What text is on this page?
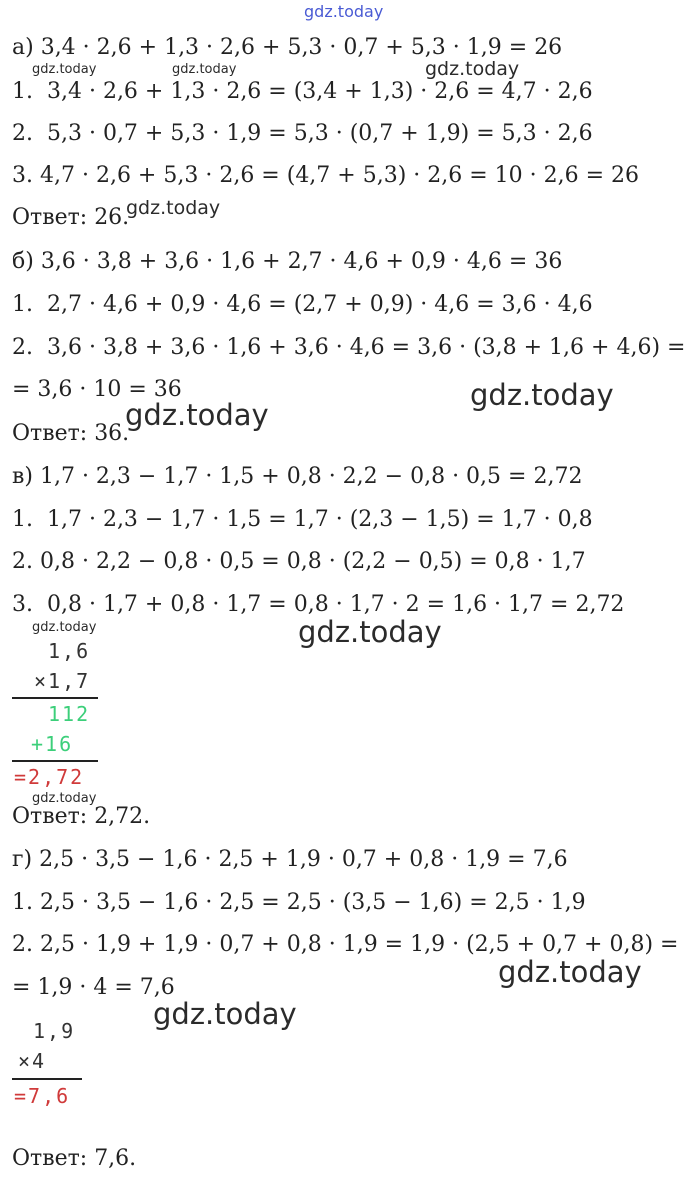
gdz.today
а) 3,4 · 2,6 + 1,3 · 2,6 + 5,3 · 0,7 + 5,3 · 1,9 = 26
gdz.today	gdz.today	gdz.today
1.  3,4 · 2,6 + 1,3 · 2,6 = (3,4 + 1,3) · 2,6 = 4,7 · 2,6
2.  5,3 · 0,7 + 5,3 · 1,9 = 5,3 · (0,7 + 1,9) = 5,3 · 2,6
3. 4,7 · 2,6 + 5,3 · 2,6 = (4,7 + 5,3) · 2,6 = 10 · 2,6 = 26
Ответ: 26.
gdz.today
б) 3,6 · 3,8 + 3,6 · 1,6 + 2,7 · 4,6 + 0,9 · 4,6 = 36
1.  2,7 · 4,6 + 0,9 · 4,6 = (2,7 + 0,9) · 4,6 = 3,6 · 4,6
2.  3,6 · 3,8 + 3,6 · 1,6 + 3,6 · 4,6 = 3,6 · (3,8 + 1,6 + 4,6) =
= 3,6 · 10 = 36	gdz.today
Ответ: 36.
gdz.today
в) 1,7 · 2,3 − 1,7 · 1,5 + 0,8 · 2,2 − 0,8 · 0,5 = 2,72
1.  1,7 · 2,3 − 1,7 · 1,5 = 1,7 · (2,3 − 1,5) = 1,7 · 0,8
2. 0,8 · 2,2 − 0,8 · 0,5 = 0,8 · (2,2 − 0,5) = 0,8 · 1,7
3.  0,8 · 1,7 + 0,8 · 1,7 = 0,8 · 1,7 · 2 = 1,6 · 1,7 = 2,72
gdz.today	gdz.today
1,6
×1,7
112
+16
=2,72
gdz.today
Ответ: 2,72.
г) 2,5 · 3,5 − 1,6 · 2,5 + 1,9 · 0,7 + 0,8 · 1,9 = 7,6
1. 2,5 · 3,5 − 1,6 · 2,5 = 2,5 · (3,5 − 1,6) = 2,5 · 1,9
2. 2,5 · 1,9 + 1,9 · 0,7 + 0,8 · 1,9 = 1,9 · (2,5 + 0,7 + 0,8) =
= 1,9 · 4 = 7,6	gdz.today
gdz.today
1,9
×4
=7,6
Ответ: 7,6.
